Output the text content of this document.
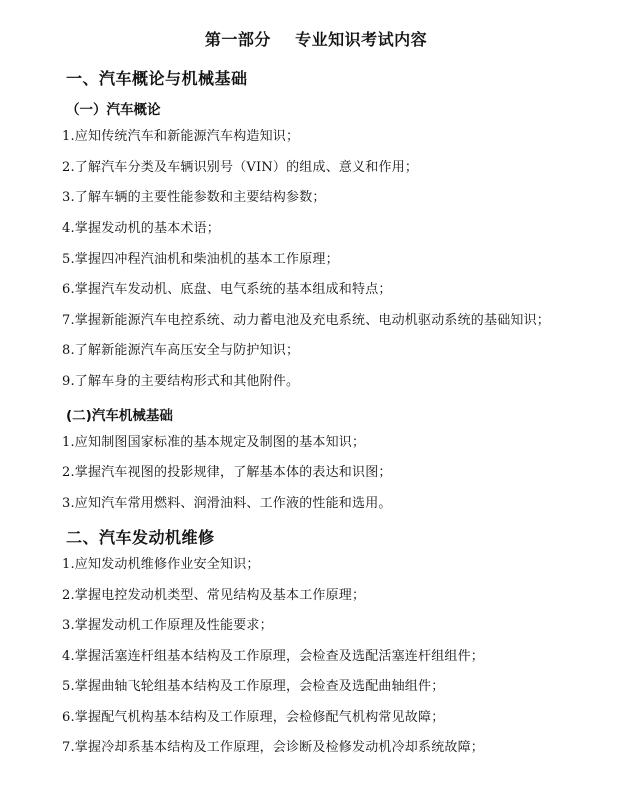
第一部分    专业知识考试内容
一、汽车概论与机械基础
（一）汽车概论
1.应知传统汽车和新能源汽车构造知识；
2.了解汽车分类及车辆识别号（VIN）的组成、意义和作用；
3.了解车辆的主要性能参数和主要结构参数；
4.掌握发动机的基本术语；
5.掌握四冲程汽油机和柴油机的基本工作原理；
6.掌握汽车发动机、底盘、电气系统的基本组成和特点；
7.掌握新能源汽车电控系统、动力蓄电池及充电系统、电动机驱动系统的基础知识；
8.了解新能源汽车高压安全与防护知识；
9.了解车身的主要结构形式和其他附件。
(二)汽车机械基础
1.应知制图国家标准的基本规定及制图的基本知识；
2.掌握汽车视图的投影规律，了解基本体的表达和识图；
3.应知汽车常用燃料、润滑油料、工作液的性能和选用。
二、汽车发动机维修
1.应知发动机维修作业安全知识；
2.掌握电控发动机类型、常见结构及基本工作原理；
3.掌握发动机工作原理及性能要求；
4.掌握活塞连杆组基本结构及工作原理，会检查及选配活塞连杆组组件；
5.掌握曲轴飞轮组基本结构及工作原理，会检查及选配曲轴组件；
6.掌握配气机构基本结构及工作原理，会检修配气机构常见故障；
7.掌握冷却系基本结构及工作原理，会诊断及检修发动机冷却系统故障；
